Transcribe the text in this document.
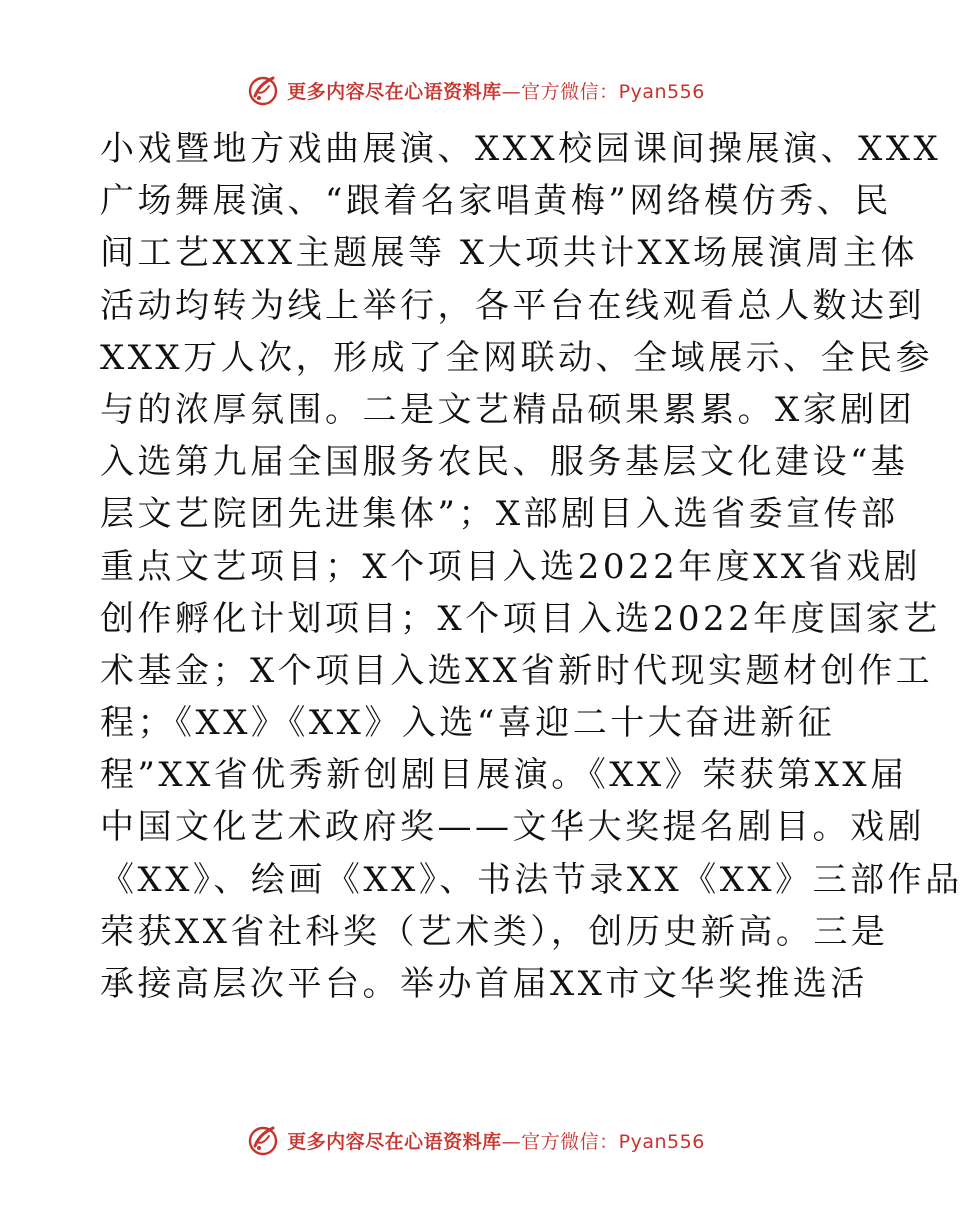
更多内容尽在心语资料库—官方微信：Pyan556
小戏暨地方戏曲展演、XXX校园课间操展演、XXX
广场舞展演、“跟着名家唱黄梅”网络模仿秀、民
间工艺XXX主题展等 X大项共计XX场展演周主体
活动均转为线上举行，各平台在线观看总人数达到
XXX万人次，形成了全网联动、全域展示、全民参
与的浓厚氛围。二是文艺精品硕果累累。X家剧团
入选第九届全国服务农民、服务基层文化建设“基
层文艺院团先进集体”；X部剧目入选省委宣传部
重点文艺项目；X个项目入选2022年度XX省戏剧
创作孵化计划项目；X个项目入选2022年度国家艺
术基金；X个项目入选XX省新时代现实题材创作工
程；《XX》《XX》入选“喜迎二十大奋进新征
程”XX省优秀新创剧目展演。《XX》荣获第XX届
中国文化艺术政府奖——文华大奖提名剧目。戏剧
《XX》、绘画《XX》、书法节录XX《XX》三部作品
荣获XX省社科奖（艺术类），创历史新高。三是
承接高层次平台。举办首届XX市文华奖推选活
更多内容尽在心语资料库—官方微信：Pyan556
